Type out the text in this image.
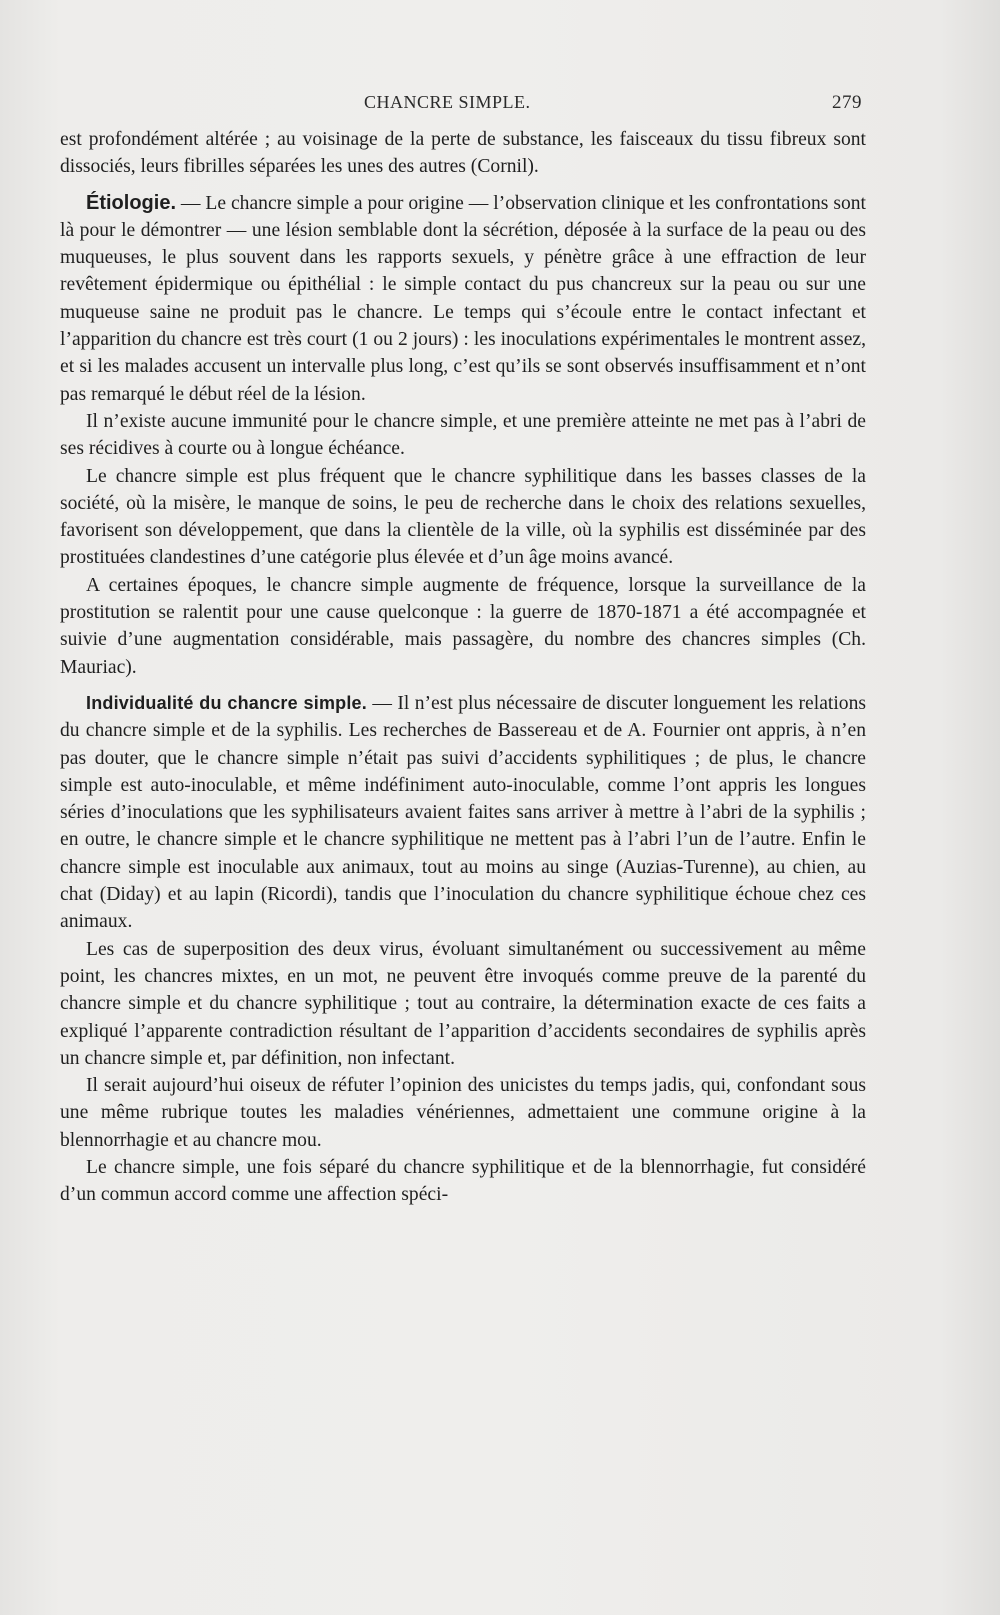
CHANCRE SIMPLE.	279

est profondément altérée ; au voisinage de la perte de substance, les faisceaux du tissu fibreux sont dissociés, leurs fibrilles séparées les unes des autres (Cornil).

Étiologie. — Le chancre simple a pour origine — l’observation clinique et les confrontations sont là pour le démontrer — une lésion semblable dont la sécrétion, déposée à la surface de la peau ou des muqueuses, le plus souvent dans les rapports sexuels, y pénètre grâce à une effraction de leur revêtement épidermique ou épithélial : le simple contact du pus chancreux sur la peau ou sur une muqueuse saine ne produit pas le chancre. Le temps qui s’écoule entre le contact infectant et l’apparition du chancre est très court (1 ou 2 jours) : les inoculations expérimentales le montrent assez, et si les malades accusent un intervalle plus long, c’est qu’ils se sont observés insuffisamment et n’ont pas remarqué le début réel de la lésion.

Il n’existe aucune immunité pour le chancre simple, et une première atteinte ne met pas à l’abri de ses récidives à courte ou à longue échéance.

Le chancre simple est plus fréquent que le chancre syphilitique dans les basses classes de la société, où la misère, le manque de soins, le peu de recherche dans le choix des relations sexuelles, favorisent son développement, que dans la clientèle de la ville, où la syphilis est disséminée par des prostituées clandestines d’une catégorie plus élevée et d’un âge moins avancé.

A certaines époques, le chancre simple augmente de fréquence, lorsque la surveillance de la prostitution se ralentit pour une cause quelconque : la guerre de 1870-1871 a été accompagnée et suivie d’une augmentation considérable, mais passagère, du nombre des chancres simples (Ch. Mauriac).

Individualité du chancre simple. — Il n’est plus nécessaire de discuter longuement les relations du chancre simple et de la syphilis. Les recherches de Bassereau et de A. Fournier ont appris, à n’en pas douter, que le chancre simple n’était pas suivi d’accidents syphilitiques ; de plus, le chancre simple est auto-inoculable, et même indéfiniment auto-inoculable, comme l’ont appris les longues séries d’inoculations que les syphilisateurs avaient faites sans arriver à mettre à l’abri de la syphilis ; en outre, le chancre simple et le chancre syphilitique ne mettent pas à l’abri l’un de l’autre. Enfin le chancre simple est inoculable aux animaux, tout au moins au singe (Auzias-Turenne), au chien, au chat (Diday) et au lapin (Ricordi), tandis que l’inoculation du chancre syphilitique échoue chez ces animaux.

Les cas de superposition des deux virus, évoluant simultanément ou successivement au même point, les chancres mixtes, en un mot, ne peuvent être invoqués comme preuve de la parenté du chancre simple et du chancre syphilitique ; tout au contraire, la détermination exacte de ces faits a expliqué l’apparente contradiction résultant de l’apparition d’accidents secondaires de syphilis après un chancre simple et, par définition, non infectant.

Il serait aujourd’hui oiseux de réfuter l’opinion des unicistes du temps jadis, qui, confondant sous une même rubrique toutes les maladies vénériennes, admettaient une commune origine à la blennorrhagie et au chancre mou.

Le chancre simple, une fois séparé du chancre syphilitique et de la blennorrhagie, fut considéré d’un commun accord comme une affection spéci-
